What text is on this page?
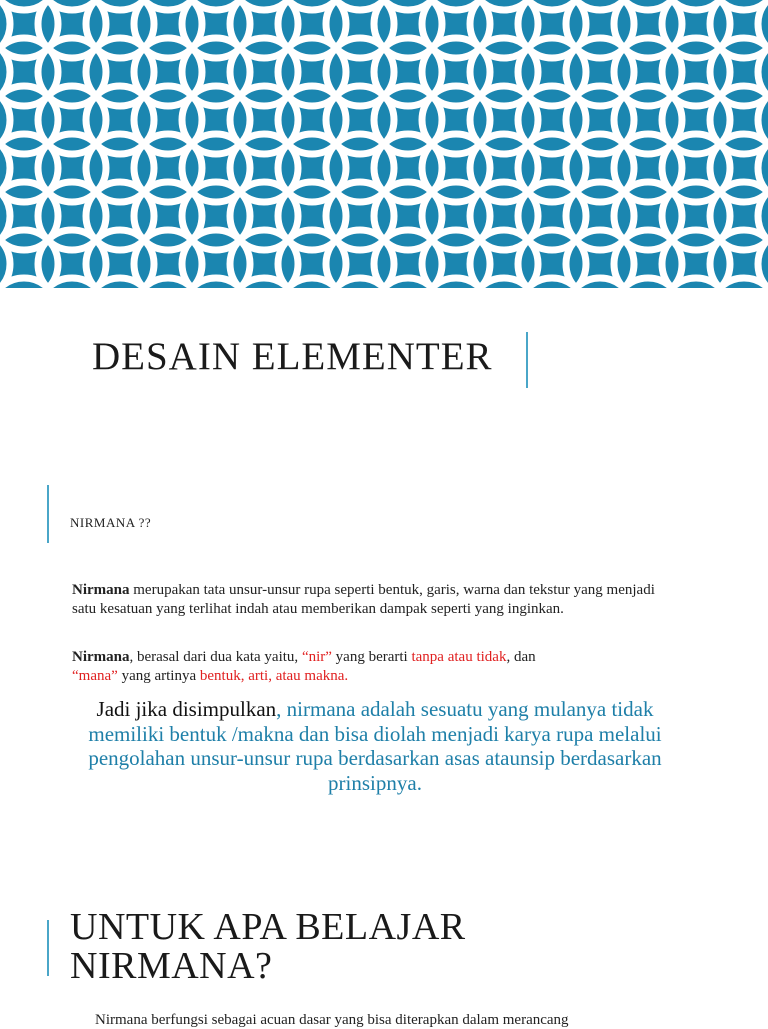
DESAIN ELEMENTER
NIRMANA ??
Nirmana merupakan tata unsur-unsur rupa seperti bentuk, garis, warna dan tekstur yang menjadi satu kesatuan yang terlihat indah atau memberikan dampak seperti yang inginkan.
Nirmana, berasal dari dua kata yaitu, “nir” yang berarti tanpa atau tidak, dan
“mana” yang artinya bentuk, arti, atau makna.
Jadi jika disimpulkan, nirmana adalah sesuatu yang mulanya tidak memiliki bentuk /makna dan bisa diolah menjadi karya rupa melalui pengolahan unsur-unsur rupa berdasarkan asas ataunsip berdasarkan prinsipnya.
UNTUK APA BELAJAR
NIRMANA?
Nirmana berfungsi sebagai acuan dasar yang bisa diterapkan dalam merancang
